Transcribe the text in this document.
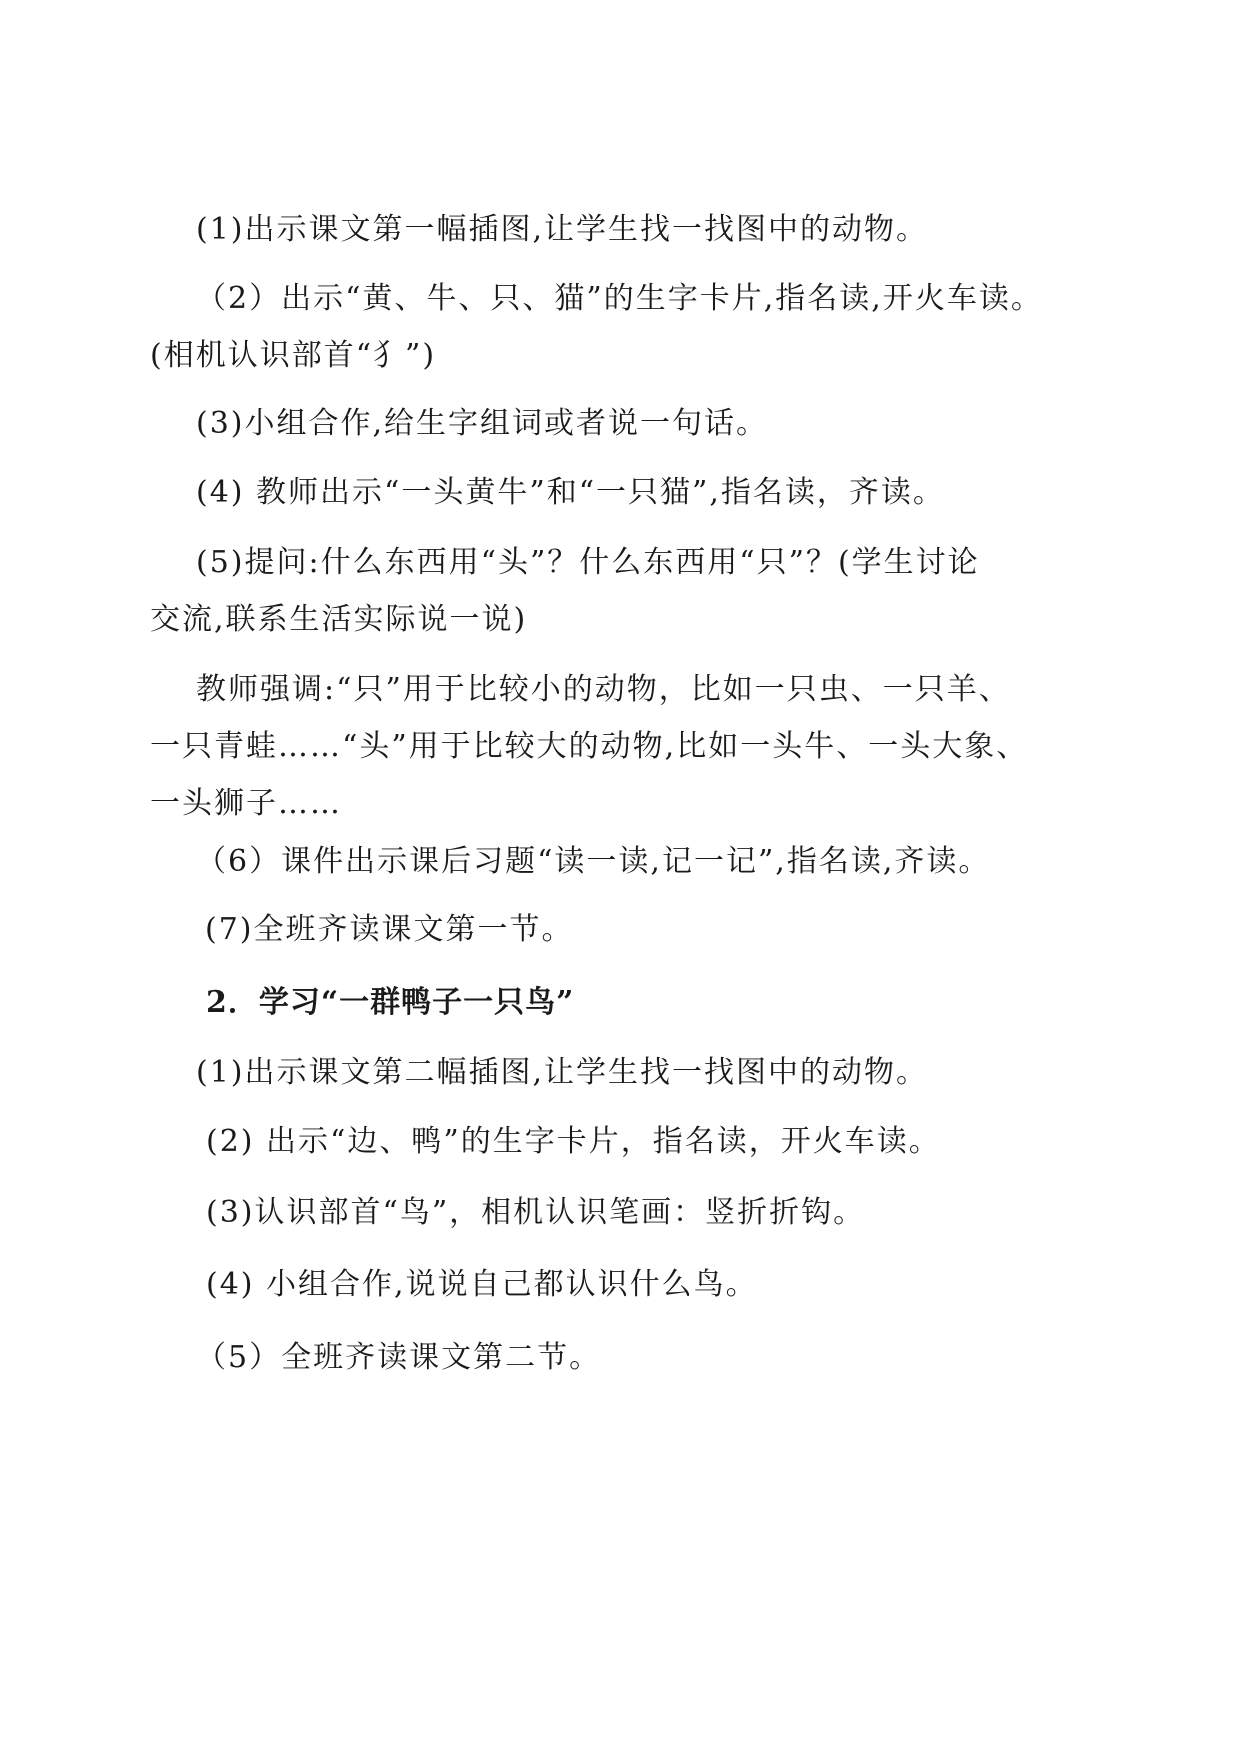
(1)出示课文第一幅插图,让学生找一找图中的动物。
（2）出示“黄、牛、只、猫”的生字卡片,指名读,开火车读。
(相机认识部首“犭”)
(3)小组合作,给生字组词或者说一句话。
(4) 教师出示“一头黄牛”和“一只猫”,指名读，齐读。
(5)提问:什么东西用“头”？什么东西用“只”？(学生讨论
交流,联系生活实际说一说)
教师强调:“只”用于比较小的动物，比如一只虫、一只羊、
一只青蛙……“头”用于比较大的动物,比如一头牛、一头大象、
一头狮子……
（6）课件出示课后习题“读一读,记一记”,指名读,齐读。
(7)全班齐读课文第一节。
2．学习“一群鸭子一只鸟”
(1)出示课文第二幅插图,让学生找一找图中的动物。
(2) 出示“边、鸭”的生字卡片，指名读，开火车读。
(3)认识部首“鸟”，相机认识笔画：竖折折钩。
(4) 小组合作,说说自己都认识什么鸟。
（5）全班齐读课文第二节。
